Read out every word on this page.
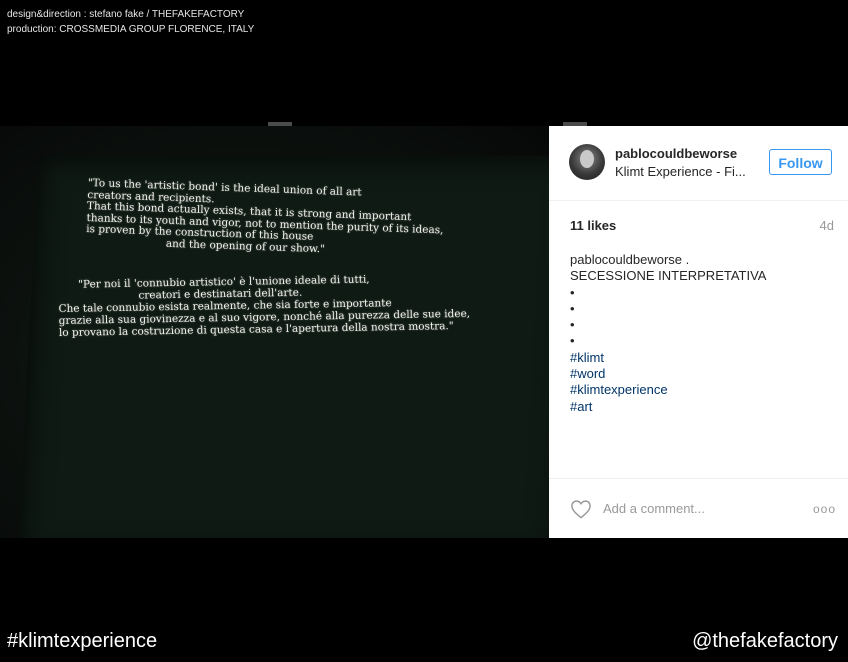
design&direction : stefano fake / THEFAKEFACTORY
production: CROSSMEDIA GROUP FLORENCE, ITALY
"To us the 'artistic bond' is the ideal union of all art
creators and recipients.
That this bond actually exists, that it is strong and important
thanks to its youth and vigor, not to mention the purity of its ideas,
is proven by the construction of this house
and the opening of our show."
"Per noi il 'connubio artistico' è l'unione ideale di tutti,
creatori e destinatari dell'arte.
Che tale connubio esista realmente, che sia forte e importante
grazie alla sua giovinezza e al suo vigore, nonché alla purezza delle sue idee,
lo provano la costruzione di questa casa e l'apertura della nostra mostra."
pablocouldbeworse
Klimt Experience - Fi...
Follow
11 likes	4d
pablocouldbeworse .
SECESSIONE INTERPRETATIVA
•
•
•
•
#klimt
#word
#klimtexperience
#art
Add a comment...	ooo
#klimtexperience	@thefakefactory
